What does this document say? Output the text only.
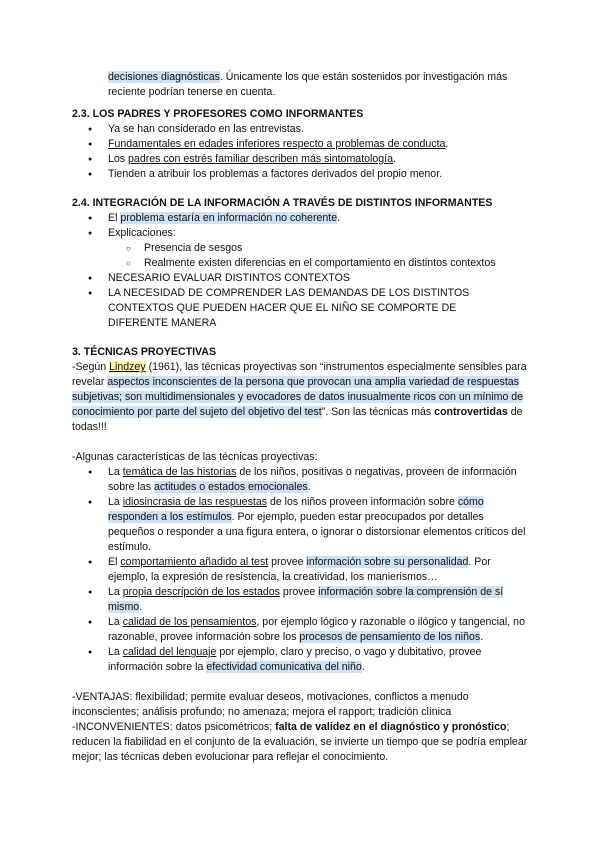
decisiones diagnósticas. Únicamente los que están sostenidos por investigación más reciente podrían tenerse en cuenta.

2.3. LOS PADRES Y PROFESORES COMO INFORMANTES
● Ya se han considerado en las entrevistas.
● Fundamentales en edades inferiores respecto a problemas de conducta.
● Los padres con estrés familiar describen más sintomatología.
● Tienden a atribuir los problemas a factores derivados del propio menor.
2.4. INTEGRACIÓN DE LA INFORMACIÓN A TRAVÉS DE DISTINTOS INFORMANTES
● El problema estaría en información no coherente.
● Explicaciones:
○ Presencia de sesgos
○ Realmente existen diferencias en el comportamiento en distintos contextos
● NECESARIO EVALUAR DISTINTOS CONTEXTOS
● LA NECESIDAD DE COMPRENDER LAS DEMANDAS DE LOS DISTINTOS CONTEXTOS QUE PUEDEN HACER QUE EL NIÑO SE COMPORTE DE DIFERENTE MANERA
3. TÉCNICAS PROYECTIVAS

-Según Lindzey (1961), las técnicas proyectivas son “instrumentos especialmente sensibles para revelar aspectos inconscientes de la persona que provocan una amplia variedad de respuestas subjetivas; son multidimensionales y evocadores de datos inusualmente ricos con un mínimo de conocimiento por parte del sujeto del objetivo del test”. Son las técnicas más controvertidas de todas!!!

-Algunas características de las técnicas proyectivas:

● La temática de las historias de los niños, positivas o negativas, proveen de información sobre las actitudes o estados emocionales.
● La idiosincrasia de las respuestas de los niños proveen información sobre cómo responden a los estímulos. Por ejemplo, pueden estar preocupados por detalles pequeños o responder a una figura entera, o ignorar o distorsionar elementos críticos del estímulo.
● El comportamiento añadido al test provee información sobre su personalidad. Por ejemplo, la expresión de resistencia, la creatividad, los manierismos…
● La propia descripción de los estados provee información sobre la comprensión de sí mismo.
● La calidad de los pensamientos, por ejemplo lógico y razonable o ilógico y tangencial, no razonable, provee información sobre los procesos de pensamiento de los niños.
● La calidad del lenguaje por ejemplo, claro y preciso, o vago y dubitativo, provee información sobre la efectividad comunicativa del niño.

-VENTAJAS: flexibilidad; permite evaluar deseos, motivaciones, conflictos a menudo inconscientes; análisis profundo; no amenaza; mejora el rapport; tradición clínica

-INCONVENIENTES: datos psicométricos; falta de validez en el diagnóstico y pronóstico; reducen la fiabilidad en el conjunto de la evaluación, se invierte un tiempo que se podría emplear mejor; las técnicas deben evolucionar para reflejar el conocimiento.
